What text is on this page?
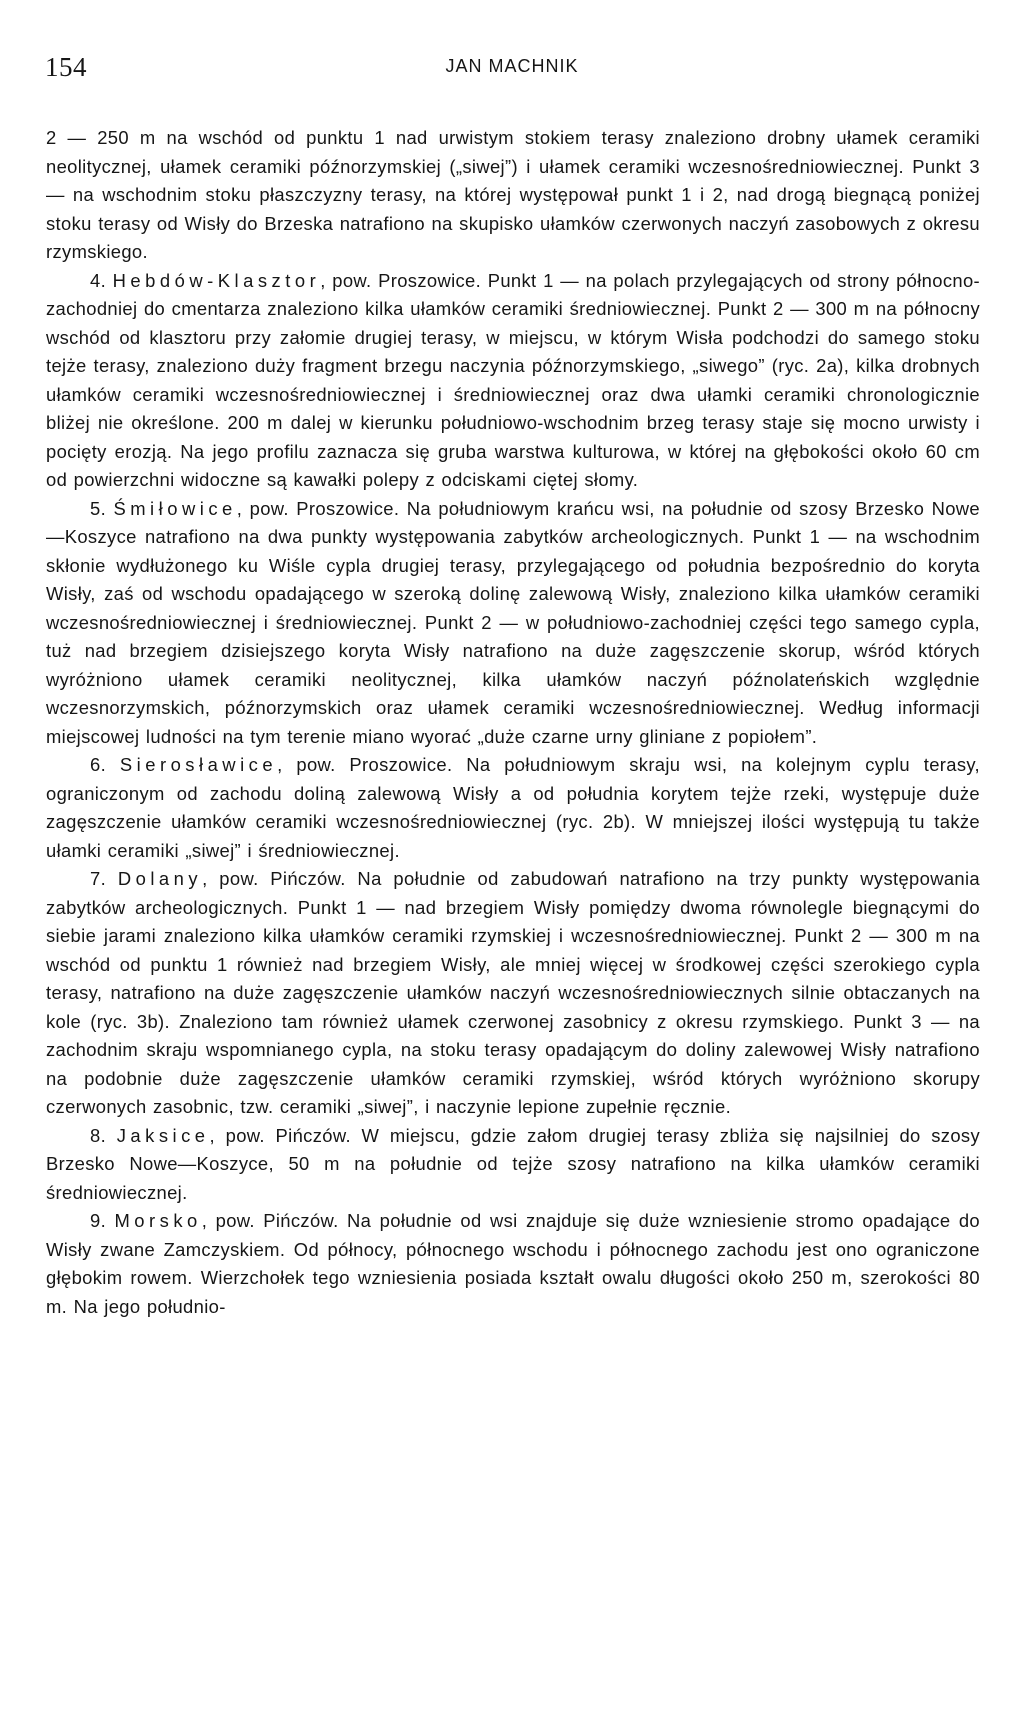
154	JAN MACHNIK

2 — 250 m na wschód od punktu 1 nad urwistym stokiem terasy znaleziono drobny ułamek ceramiki neolitycznej, ułamek ceramiki późnorzymskiej („siwej”) i ułamek ceramiki wczesnośredniowiecznej. Punkt 3 — na wschodnim stoku płaszczyzny terasy, na której występował punkt 1 i 2, nad drogą biegnącą poniżej stoku terasy od Wisły do Brzeska natrafiono na skupisko ułamków czerwonych naczyń zasobowych z okresu rzymskiego.

4. Hebdów-Klasztor, pow. Proszowice. Punkt 1 — na polach przylegających od strony północno-zachodniej do cmentarza znaleziono kilka ułamków ceramiki średniowiecznej. Punkt 2 — 300 m na północny wschód od klasztoru przy załomie drugiej terasy, w miejscu, w którym Wisła podchodzi do samego stoku tejże terasy, znaleziono duży fragment brzegu naczynia późnorzymskiego, „siwego” (ryc. 2a), kilka drobnych ułamków ceramiki wczesnośredniowiecznej i średniowiecznej oraz dwa ułamki ceramiki chronologicznie bliżej nie określone. 200 m dalej w kierunku południowo-wschodnim brzeg terasy staje się mocno urwisty i pocięty erozją. Na jego profilu zaznacza się gruba warstwa kulturowa, w której na głębokości około 60 cm od powierzchni widoczne są kawałki polepy z odciskami ciętej słomy.

5. Śmiłowice, pow. Proszowice. Na południowym krańcu wsi, na południe od szosy Brzesko Nowe—Koszyce natrafiono na dwa punkty występowania zabytków archeologicznych. Punkt 1 — na wschodnim skłonie wydłużonego ku Wiśle cypla drugiej terasy, przylegającego od południa bezpośrednio do koryta Wisły, zaś od wschodu opadającego w szeroką dolinę zalewową Wisły, znaleziono kilka ułamków ceramiki wczesnośredniowiecznej i średniowiecznej. Punkt 2 — w południowo-zachodniej części tego samego cypla, tuż nad brzegiem dzisiejszego koryta Wisły natrafiono na duże zagęszczenie skorup, wśród których wyróżniono ułamek ceramiki neolitycznej, kilka ułamków naczyń późnolateńskich względnie wczesnorzymskich, późnorzymskich oraz ułamek ceramiki wczesnośredniowiecznej. Według informacji miejscowej ludności na tym terenie miano wyorać „duże czarne urny gliniane z popiołem”.

6. Sierosławice, pow. Proszowice. Na południowym skraju wsi, na kolejnym cyplu terasy, ograniczonym od zachodu doliną zalewową Wisły a od południa korytem tejże rzeki, występuje duże zagęszczenie ułamków ceramiki wczesnośredniowiecznej (ryc. 2b). W mniejszej ilości występują tu także ułamki ceramiki „siwej” i średniowiecznej.

7. Dolany, pow. Pińczów. Na południe od zabudowań natrafiono na trzy punkty występowania zabytków archeologicznych. Punkt 1 — nad brzegiem Wisły pomiędzy dwoma równolegle biegnącymi do siebie jarami znaleziono kilka ułamków ceramiki rzymskiej i wczesnośredniowiecznej. Punkt 2 — 300 m na wschód od punktu 1 również nad brzegiem Wisły, ale mniej więcej w środkowej części szerokiego cypla terasy, natrafiono na duże zagęszczenie ułamków naczyń wczesnośredniowiecznych silnie obtaczanych na kole (ryc. 3b). Znaleziono tam również ułamek czerwonej zasobnicy z okresu rzymskiego. Punkt 3 — na zachodnim skraju wspomnianego cypla, na stoku terasy opadającym do doliny zalewowej Wisły natrafiono na podobnie duże zagęszczenie ułamków ceramiki rzymskiej, wśród których wyróżniono skorupy czerwonych zasobnic, tzw. ceramiki „siwej”, i naczynie lepione zupełnie ręcznie.

8. Jaksice, pow. Pińczów. W miejscu, gdzie załom drugiej terasy zbliża się najsilniej do szosy Brzesko Nowe—Koszyce, 50 m na południe od tejże szosy natrafiono na kilka ułamków ceramiki średniowiecznej.

9. Morsko, pow. Pińczów. Na południe od wsi znajduje się duże wzniesienie stromo opadające do Wisły zwane Zamczyskiem. Od północy, północnego wschodu i północnego zachodu jest ono ograniczone głębokim rowem. Wierzchołek tego wzniesienia posiada kształt owalu długości około 250 m, szerokości 80 m. Na jego południo-
